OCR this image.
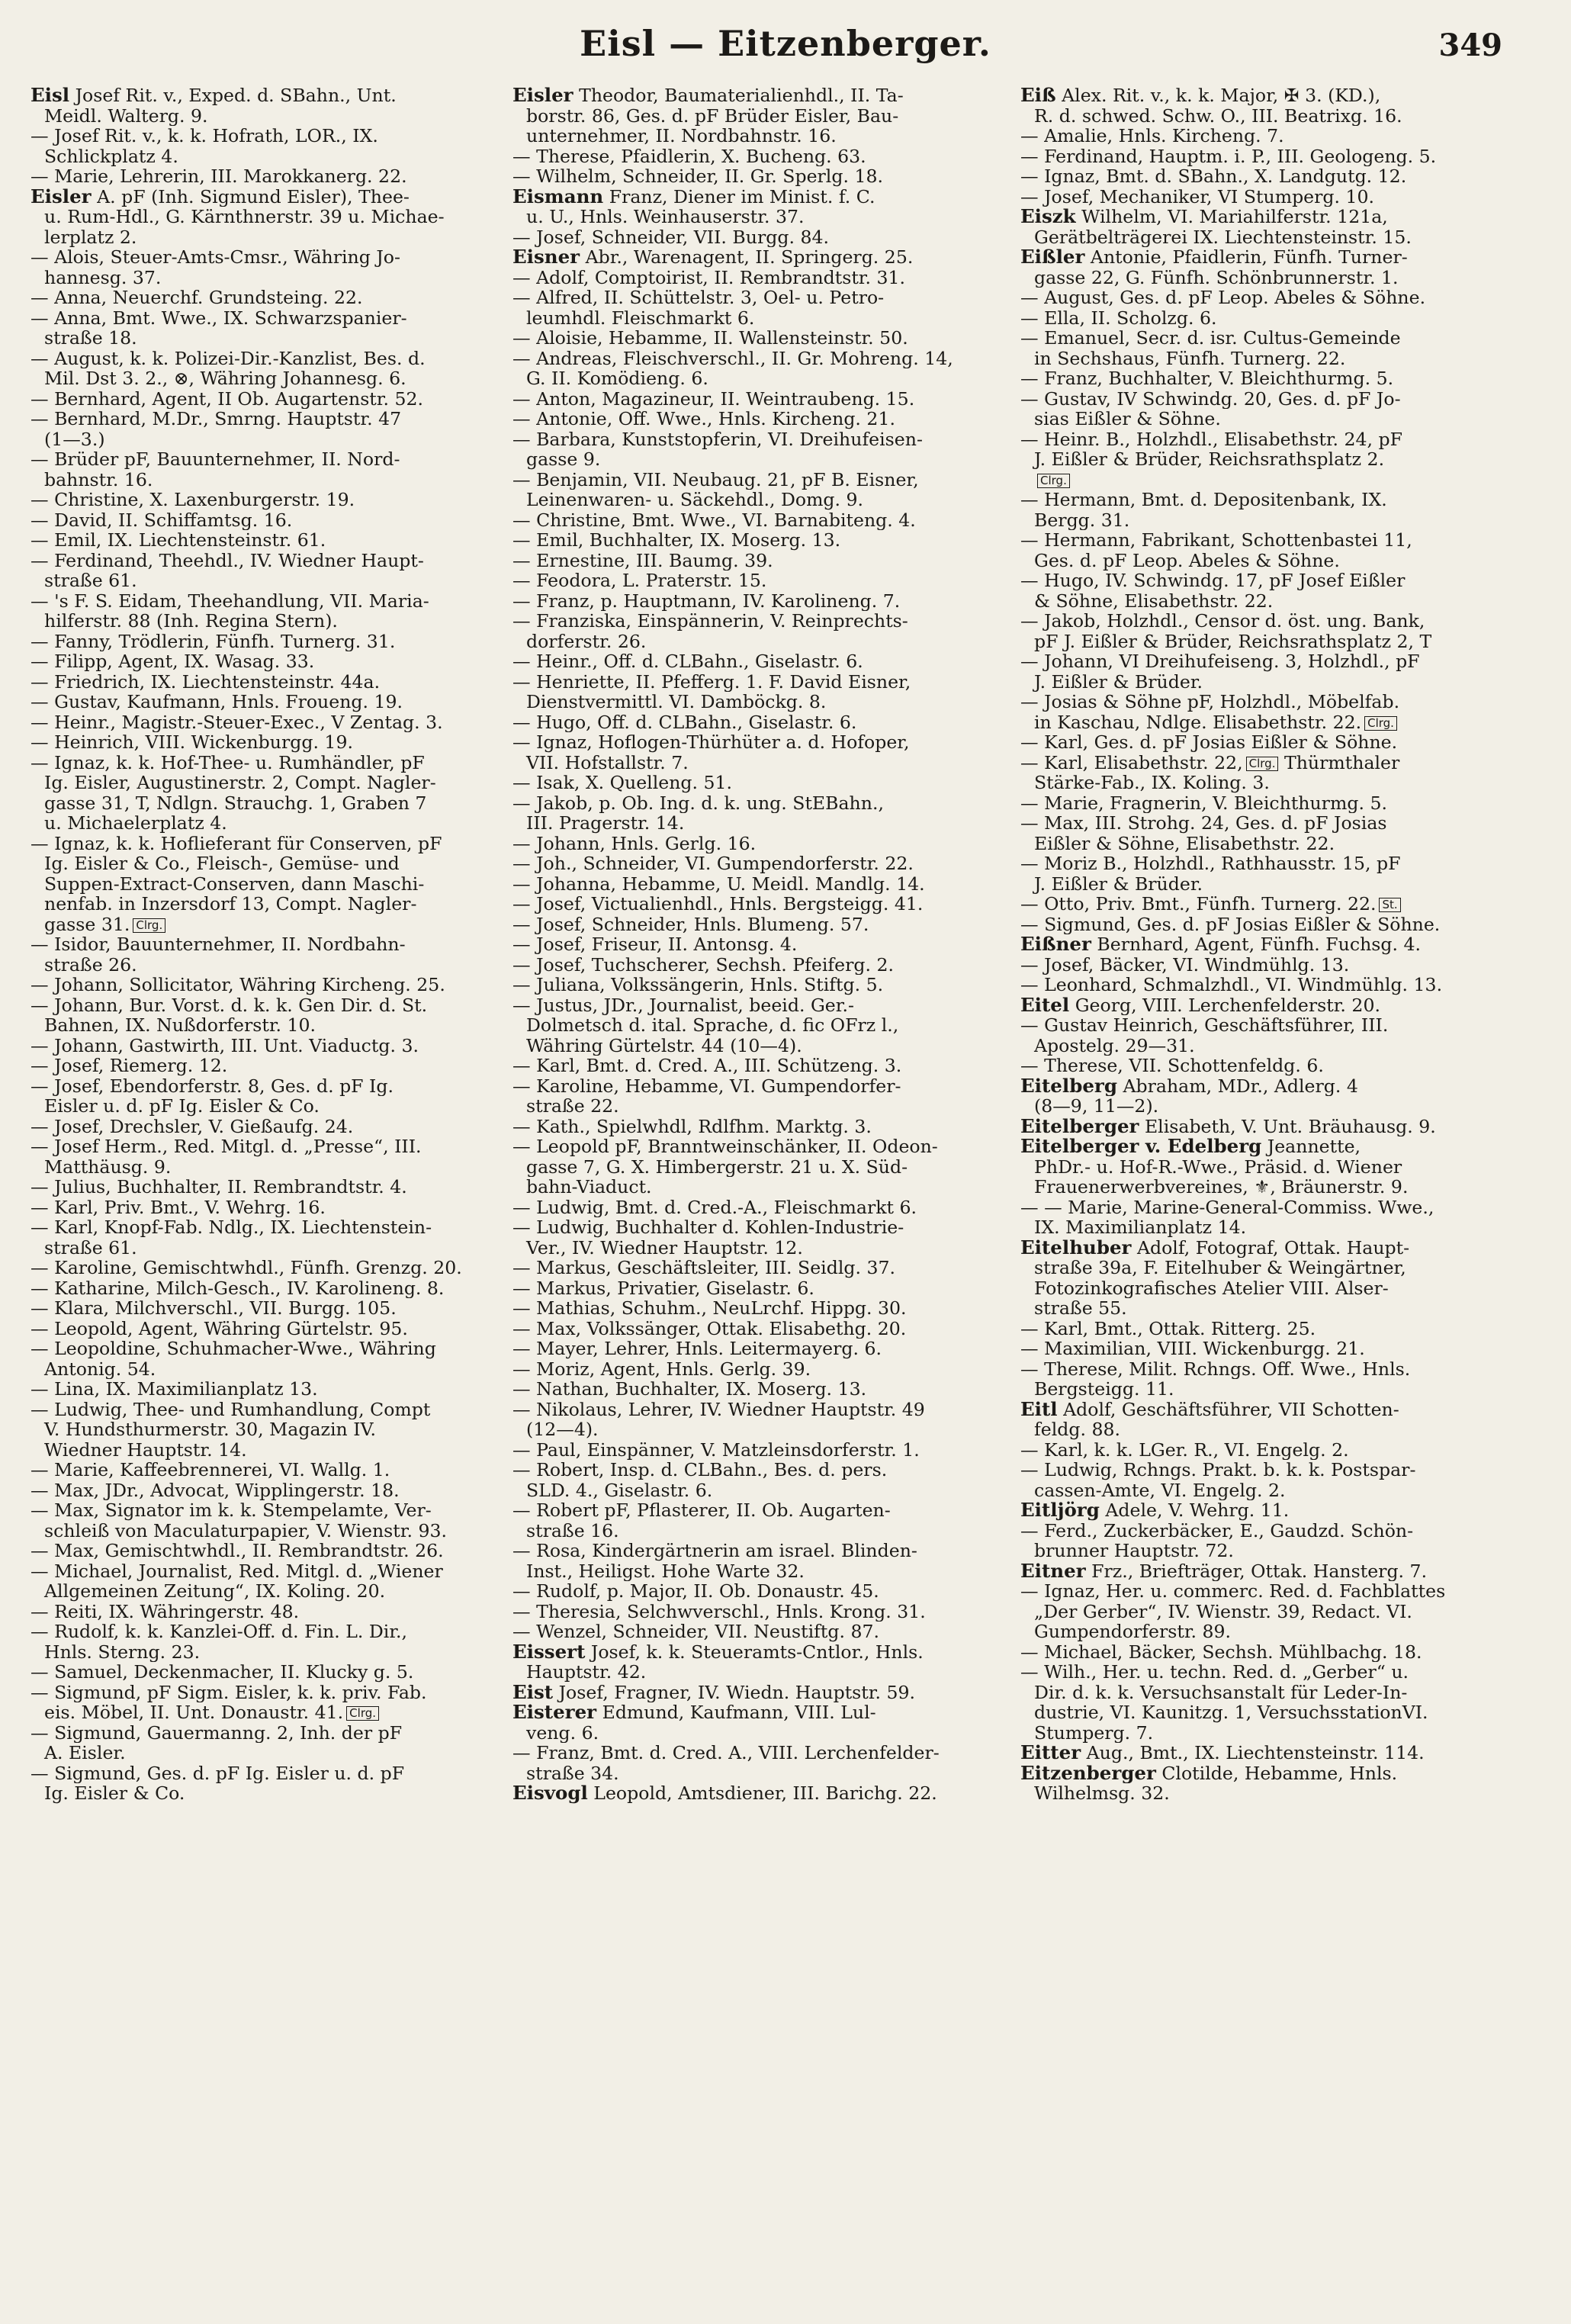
Eisl — Eitzenberger.	349
Eisl Josef Rit. v., Exped. d. SBahn., Unt.
Meidl. Walterg. 9.
— Josef Rit. v., k. k. Hofrath, LOR., IX.
Schlickplatz 4.
— Marie, Lehrerin, III. Marokkanerg. 22.
Eisler A. pF (Inh. Sigmund Eisler), Thee-
u. Rum-Hdl., G. Kärnthnerstr. 39 u. Michae-
lerplatz 2.
— Alois, Steuer-Amts-Cmsr., Währing Jo-
hannesg. 37.
— Anna, Neuerchf. Grundsteing. 22.
— Anna, Bmt. Wwe., IX. Schwarzspanier-
straße 18.
— August, k. k. Polizei-Dir.-Kanzlist, Bes. d.
Mil. Dst 3. 2., ⊗, Währing Johannesg. 6.
— Bernhard, Agent, II Ob. Augartenstr. 52.
— Bernhard, M.Dr., Smrng. Hauptstr. 47
(1—3.)
— Brüder pF, Bauunternehmer, II. Nord-
bahnstr. 16.
— Christine, X. Laxenburgerstr. 19.
— David, II. Schiffamtsg. 16.
— Emil, IX. Liechtensteinstr. 61.
— Ferdinand, Theehdl., IV. Wiedner Haupt-
straße 61.
— 's F. S. Eidam, Theehandlung, VII. Maria-
hilferstr. 88 (Inh. Regina Stern).
— Fanny, Trödlerin, Fünfh. Turnerg. 31.
— Filipp, Agent, IX. Wasag. 33.
— Friedrich, IX. Liechtensteinstr. 44a.
— Gustav, Kaufmann, Hnls. Froueng. 19.
— Heinr., Magistr.-Steuer-Exec., V Zentag. 3.
— Heinrich, VIII. Wickenburgg. 19.
— Ignaz, k. k. Hof-Thee- u. Rumhändler, pF
Ig. Eisler, Augustinerstr. 2, Compt. Nagler-
gasse 31, T, Ndlgn. Strauchg. 1, Graben 7
u. Michaelerplatz 4.
— Ignaz, k. k. Hoflieferant für Conserven, pF
Ig. Eisler & Co., Fleisch-, Gemüse- und
Suppen-Extract-Conserven, dann Maschi-
nenfab. in Inzersdorf 13, Compt. Nagler-
gasse 31. Clrg.
— Isidor, Bauunternehmer, II. Nordbahn-
straße 26.
— Johann, Sollicitator, Währing Kircheng. 25.
— Johann, Bur. Vorst. d. k. k. Gen Dir. d. St.
Bahnen, IX. Nußdorferstr. 10.
— Johann, Gastwirth, III. Unt. Viaductg. 3.
— Josef, Riemerg. 12.
— Josef, Ebendorferstr. 8, Ges. d. pF Ig.
Eisler u. d. pF Ig. Eisler & Co.
— Josef, Drechsler, V. Gießaufg. 24.
— Josef Herm., Red. Mitgl. d. „Presse“, III.
Matthäusg. 9.
— Julius, Buchhalter, II. Rembrandtstr. 4.
— Karl, Priv. Bmt., V. Wehrg. 16.
— Karl, Knopf-Fab. Ndlg., IX. Liechtenstein-
straße 61.
— Karoline, Gemischtwhdl., Fünfh. Grenzg. 20.
— Katharine, Milch-Gesch., IV. Karolineng. 8.
— Klara, Milchverschl., VII. Burgg. 105.
— Leopold, Agent, Währing Gürtelstr. 95.
— Leopoldine, Schuhmacher-Wwe., Währing
Antonig. 54.
— Lina, IX. Maximilianplatz 13.
— Ludwig, Thee- und Rumhandlung, Compt
V. Hundsthurmerstr. 30, Magazin IV.
Wiedner Hauptstr. 14.
— Marie, Kaffeebrennerei, VI. Wallg. 1.
— Max, JDr., Advocat, Wipplingerstr. 18.
— Max, Signator im k. k. Stempelamte, Ver-
schleiß von Maculaturpapier, V. Wienstr. 93.
— Max, Gemischtwhdl., II. Rembrandtstr. 26.
— Michael, Journalist, Red. Mitgl. d. „Wiener
Allgemeinen Zeitung“, IX. Koling. 20.
— Reiti, IX. Währingerstr. 48.
— Rudolf, k. k. Kanzlei-Off. d. Fin. L. Dir.,
Hnls. Sterng. 23.
— Samuel, Deckenmacher, II. Klucky g. 5.
— Sigmund, pF Sigm. Eisler, k. k. priv. Fab.
eis. Möbel, II. Unt. Donaustr. 41. Clrg.
— Sigmund, Gauermanng. 2, Inh. der pF
A. Eisler.
— Sigmund, Ges. d. pF Ig. Eisler u. d. pF
Ig. Eisler & Co.
Eisler Theodor, Baumaterialienhdl., II. Ta-
borstr. 86, Ges. d. pF Brüder Eisler, Bau-
unternehmer, II. Nordbahnstr. 16.
— Therese, Pfaidlerin, X. Bucheng. 63.
— Wilhelm, Schneider, II. Gr. Sperlg. 18.
Eismann Franz, Diener im Minist. f. C.
u. U., Hnls. Weinhauserstr. 37.
— Josef, Schneider, VII. Burgg. 84.
Eisner Abr., Warenagent, II. Springerg. 25.
— Adolf, Comptoirist, II. Rembrandtstr. 31.
— Alfred, II. Schüttelstr. 3, Oel- u. Petro-
leumhdl. Fleischmarkt 6.
— Aloisie, Hebamme, II. Wallensteinstr. 50.
— Andreas, Fleischverschl., II. Gr. Mohreng. 14,
G. II. Komödieng. 6.
— Anton, Magazineur, II. Weintraubeng. 15.
— Antonie, Off. Wwe., Hnls. Kircheng. 21.
— Barbara, Kunststopferin, VI. Dreihufeisen-
gasse 9.
— Benjamin, VII. Neubaug. 21, pF B. Eisner,
Leinenwaren- u. Säckehdl., Domg. 9.
— Christine, Bmt. Wwe., VI. Barnabiteng. 4.
— Emil, Buchhalter, IX. Moserg. 13.
— Ernestine, III. Baumg. 39.
— Feodora, L. Praterstr. 15.
— Franz, p. Hauptmann, IV. Karolineng. 7.
— Franziska, Einspännerin, V. Reinprechts-
dorferstr. 26.
— Heinr., Off. d. CLBahn., Giselastr. 6.
— Henriette, II. Pfefferg. 1. F. David Eisner,
Dienstvermittl. VI. Damböckg. 8.
— Hugo, Off. d. CLBahn., Giselastr. 6.
— Ignaz, Hoflogen-Thürhüter a. d. Hofoper,
VII. Hofstallstr. 7.
— Isak, X. Quelleng. 51.
— Jakob, p. Ob. Ing. d. k. ung. StEBahn.,
III. Pragerstr. 14.
— Johann, Hnls. Gerlg. 16.
— Joh., Schneider, VI. Gumpendorferstr. 22.
— Johanna, Hebamme, U. Meidl. Mandlg. 14.
— Josef, Victualienhdl., Hnls. Bergsteigg. 41.
— Josef, Schneider, Hnls. Blumeng. 57.
— Josef, Friseur, II. Antonsg. 4.
— Josef, Tuchscherer, Sechsh. Pfeiferg. 2.
— Juliana, Volkssängerin, Hnls. Stiftg. 5.
— Justus, JDr., Journalist, beeid. Ger.-
Dolmetsch d. ital. Sprache, d. fic OFrz l.,
Währing Gürtelstr. 44 (10—4).
— Karl, Bmt. d. Cred. A., III. Schützeng. 3.
— Karoline, Hebamme, VI. Gumpendorfer-
straße 22.
— Kath., Spielwhdl, Rdlfhm. Marktg. 3.
— Leopold pF, Branntweinschänker, II. Odeon-
gasse 7, G. X. Himbergerstr. 21 u. X. Süd-
bahn-Viaduct.
— Ludwig, Bmt. d. Cred.-A., Fleischmarkt 6.
— Ludwig, Buchhalter d. Kohlen-Industrie-
Ver., IV. Wiedner Hauptstr. 12.
— Markus, Geschäftsleiter, III. Seidlg. 37.
— Markus, Privatier, Giselastr. 6.
— Mathias, Schuhm., NeuLrchf. Hippg. 30.
— Max, Volkssänger, Ottak. Elisabethg. 20.
— Mayer, Lehrer, Hnls. Leitermayerg. 6.
— Moriz, Agent, Hnls. Gerlg. 39.
— Nathan, Buchhalter, IX. Moserg. 13.
— Nikolaus, Lehrer, IV. Wiedner Hauptstr. 49
(12—4).
— Paul, Einspänner, V. Matzleinsdorferstr. 1.
— Robert, Insp. d. CLBahn., Bes. d. pers.
SLD. 4., Giselastr. 6.
— Robert pF, Pflasterer, II. Ob. Augarten-
straße 16.
— Rosa, Kindergärtnerin am israel. Blinden-
Inst., Heiligst. Hohe Warte 32.
— Rudolf, p. Major, II. Ob. Donaustr. 45.
— Theresia, Selchwverschl., Hnls. Krong. 31.
— Wenzel, Schneider, VII. Neustiftg. 87.
Eissert Josef, k. k. Steueramts-Cntlor., Hnls.
Hauptstr. 42.
Eist Josef, Fragner, IV. Wiedn. Hauptstr. 59.
Eisterer Edmund, Kaufmann, VIII. Lul-
veng. 6.
— Franz, Bmt. d. Cred. A., VIII. Lerchenfelder-
straße 34.
Eisvogl Leopold, Amtsdiener, III. Barichg. 22.
Eiß Alex. Rit. v., k. k. Major, ✠ 3. (KD.),
R. d. schwed. Schw. O., III. Beatrixg. 16.
— Amalie, Hnls. Kircheng. 7.
— Ferdinand, Hauptm. i. P., III. Geologeng. 5.
— Ignaz, Bmt. d. SBahn., X. Landgutg. 12.
— Josef, Mechaniker, VI Stumperg. 10.
Eiszk Wilhelm, VI. Mariahilferstr. 121a,
Gerätbelträgerei IX. Liechtensteinstr. 15.
Eißler Antonie, Pfaidlerin, Fünfh. Turner-
gasse 22, G. Fünfh. Schönbrunnerstr. 1.
— August, Ges. d. pF Leop. Abeles & Söhne.
— Ella, II. Scholzg. 6.
— Emanuel, Secr. d. isr. Cultus-Gemeinde
in Sechshaus, Fünfh. Turnerg. 22.
— Franz, Buchhalter, V. Bleichthurmg. 5.
— Gustav, IV Schwindg. 20, Ges. d. pF Jo-
sias Eißler & Söhne.
— Heinr. B., Holzhdl., Elisabethstr. 24, pF
J. Eißler & Brüder, Reichsrathsplatz 2.
Clrg.
— Hermann, Bmt. d. Depositenbank, IX.
Bergg. 31.
— Hermann, Fabrikant, Schottenbastei 11,
Ges. d. pF Leop. Abeles & Söhne.
— Hugo, IV. Schwindg. 17, pF Josef Eißler
& Söhne, Elisabethstr. 22.
— Jakob, Holzhdl., Censor d. öst. ung. Bank,
pF J. Eißler & Brüder, Reichsrathsplatz 2, T
— Johann, VI Dreihufeiseng. 3, Holzhdl., pF
J. Eißler & Brüder.
— Josias & Söhne pF, Holzhdl., Möbelfab.
in Kaschau, Ndlge. Elisabethstr. 22. Clrg.
— Karl, Ges. d. pF Josias Eißler & Söhne.
— Karl, Elisabethstr. 22, Clrg. Thürmthaler
Stärke-Fab., IX. Koling. 3.
— Marie, Fragnerin, V. Bleichthurmg. 5.
— Max, III. Strohg. 24, Ges. d. pF Josias
Eißler & Söhne, Elisabethstr. 22.
— Moriz B., Holzhdl., Rathhausstr. 15, pF
J. Eißler & Brüder.
— Otto, Priv. Bmt., Fünfh. Turnerg. 22. St.
— Sigmund, Ges. d. pF Josias Eißler & Söhne.
Eißner Bernhard, Agent, Fünfh. Fuchsg. 4.
— Josef, Bäcker, VI. Windmühlg. 13.
— Leonhard, Schmalzhdl., VI. Windmühlg. 13.
Eitel Georg, VIII. Lerchenfelderstr. 20.
— Gustav Heinrich, Geschäftsführer, III.
Apostelg. 29—31.
— Therese, VII. Schottenfeldg. 6.
Eitelberg Abraham, MDr., Adlerg. 4
(8—9, 11—2).
Eitelberger Elisabeth, V. Unt. Bräuhausg. 9.
Eitelberger v. Edelberg Jeannette,
PhDr.- u. Hof-R.-Wwe., Präsid. d. Wiener
Frauenerwerbvereines, ⚜, Bräunerstr. 9.
— — Marie, Marine-General-Commiss. Wwe.,
IX. Maximilianplatz 14.
Eitelhuber Adolf, Fotograf, Ottak. Haupt-
straße 39a, F. Eitelhuber & Weingärtner,
Fotozinkografisches Atelier VIII. Alser-
straße 55.
— Karl, Bmt., Ottak. Ritterg. 25.
— Maximilian, VIII. Wickenburgg. 21.
— Therese, Milit. Rchngs. Off. Wwe., Hnls.
Bergsteigg. 11.
Eitl Adolf, Geschäftsführer, VII Schotten-
feldg. 88.
— Karl, k. k. LGer. R., VI. Engelg. 2.
— Ludwig, Rchngs. Prakt. b. k. k. Postspar-
cassen-Amte, VI. Engelg. 2.
Eitljörg Adele, V. Wehrg. 11.
— Ferd., Zuckerbäcker, E., Gaudzd. Schön-
brunner Hauptstr. 72.
Eitner Frz., Briefträger, Ottak. Hansterg. 7.
— Ignaz, Her. u. commerc. Red. d. Fachblattes
„Der Gerber“, IV. Wienstr. 39, Redact. VI.
Gumpendorferstr. 89.
— Michael, Bäcker, Sechsh. Mühlbachg. 18.
— Wilh., Her. u. techn. Red. d. „Gerber“ u.
Dir. d. k. k. Versuchsanstalt für Leder-In-
dustrie, VI. Kaunitzg. 1, VersuchsstationVI.
Stumperg. 7.
Eitter Aug., Bmt., IX. Liechtensteinstr. 114.
Eitzenberger Clotilde, Hebamme, Hnls.
Wilhelmsg. 32.
